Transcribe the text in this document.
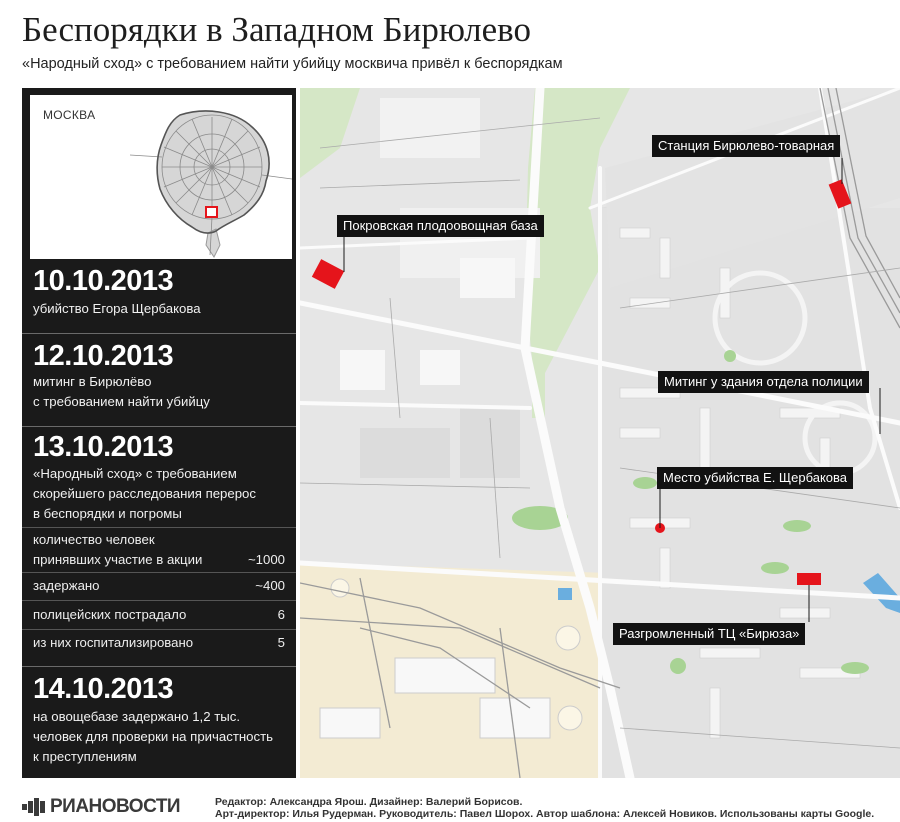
Беспорядки в Западном Бирюлево
«Народный сход» с требованием найти убийцу москвича привёл к беспорядкам
МОСКВА
10.10.2013
убийство Егора Щербакова
12.10.2013
митинг в Бирюлёво
с требованием найти убийцу
13.10.2013
«Народный сход» с требованием
скорейшего расследования перерос
в беспорядки и погромы
количество человек
принявших участие в акции	~1000
задержано	~400
полицейских пострадало	6
из них госпитализировано	5
14.10.2013
на овощебазе задержано 1,2 тыс.
человек для проверки на причастность
к преступлениям
Станция Бирюлево-товарная
Покровская плодоовощная база
Митинг у здания отдела полиции
Место убийства Е. Щербакова
Разгромленный ТЦ «Бирюза»
РИАНОВОСТИ	Редактор: Александра Ярош. Дизайнер: Валерий Борисов.
Арт-директор: Илья Рудерман. Руководитель: Павел Шорох. Автор шаблона: Алексей Новиков. Использованы карты Google.
